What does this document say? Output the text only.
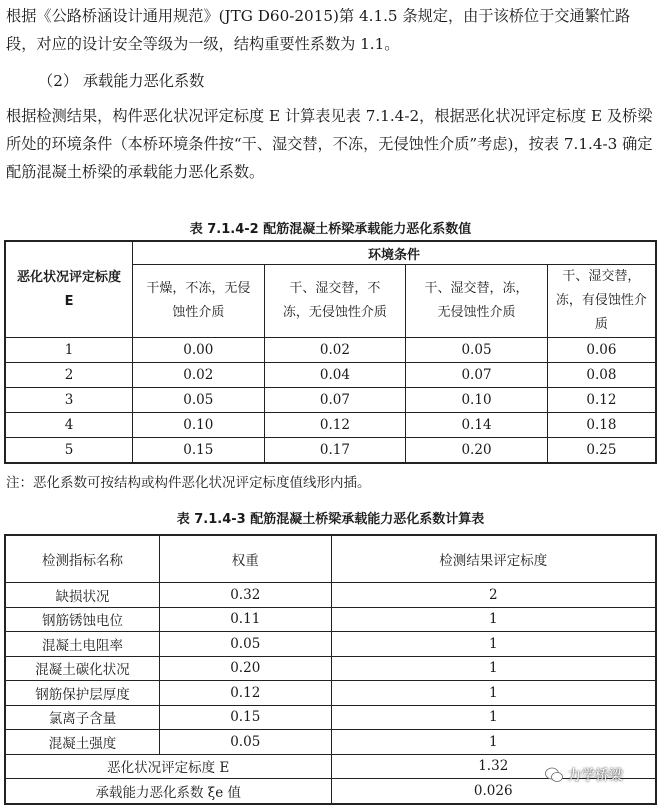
根据《公路桥涵设计通用规范》(JTG D60-2015)第 4.1.5 条规定，由于该桥位于交通繁忙路段，对应的设计安全等级为一级，结构重要性系数为 1.1。

（2） 承载能力恶化系数

根据检测结果，构件恶化状况评定标度 E 计算表见表 7.1.4-2，根据恶化状况评定标度 E 及桥梁所处的环境条件（本桥环境条件按“干、湿交替，不冻，无侵蚀性介质”考虑)，按表 7.1.4-3 确定配筋混凝土桥梁的承载能力恶化系数。

表 7.1.4-2 配筋混凝土桥梁承载能力恶化系数值

恶化状况评定标度 E	环境条件			
	干燥，不冻，无侵蚀性介质	干、湿交替，不冻，无侵蚀性介质	干、湿交替，冻，无侵蚀性介质	干、湿交替，冻，有侵蚀性介质
1	0.00	0.02	0.05	0.06
2	0.02	0.04	0.07	0.08
3	0.05	0.07	0.10	0.12
4	0.10	0.12	0.14	0.18
5	0.15	0.17	0.20	0.25

注：恶化系数可按结构或构件恶化状况评定标度值线形内插。

表 7.1.4-3 配筋混凝土桥梁承载能力恶化系数计算表

检测指标名称	权重	检测结果评定标度
缺损状况	0.32	2
钢筋锈蚀电位	0.11	1
混凝土电阻率	0.05	1
混凝土碳化状况	0.20	1
钢筋保护层厚度	0.12	1
氯离子含量	0.15	1
混凝土强度	0.05	1
恶化状况评定标度 E		1.32
承载能力恶化系数 ξe 值		0.026
力学桥梁
